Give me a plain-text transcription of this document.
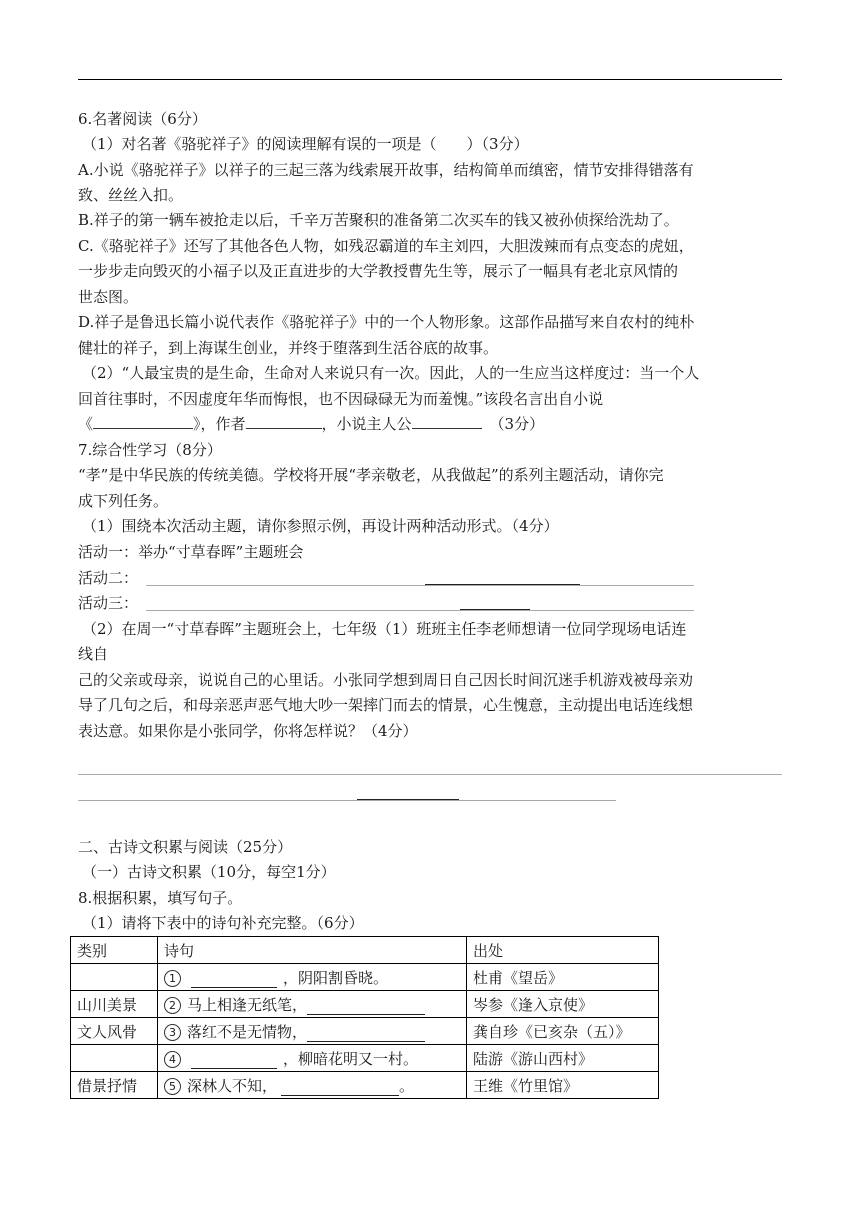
6.名著阅读（6分）
（1）对名著《骆驼祥子》的阅读理解有误的一项是（　　）（3分）
A.小说《骆驼祥子》以祥子的三起三落为线索展开故事，结构简单而缜密，情节安排得错落有
致、丝丝入扣。
B.祥子的第一辆车被抢走以后，千辛万苦聚积的准备第二次买车的钱又被孙侦探给洗劫了。
C.《骆驼祥子》还写了其他各色人物，如残忍霸道的车主刘四，大胆泼辣而有点变态的虎妞，
一步步走向毁灭的小福子以及正直进步的大学教授曹先生等，展示了一幅具有老北京风情的
世态图。
D.祥子是鲁迅长篇小说代表作《骆驼祥子》中的一个人物形象。这部作品描写来自农村的纯朴
健壮的祥子，到上海谋生创业，并终于堕落到生活谷底的故事。
（2）“人最宝贵的是生命，生命对人来说只有一次。因此，人的一生应当这样度过：当一个人
回首往事时，不因虚度年华而悔恨，也不因碌碌无为而羞愧。”该段名言出自小说
《	》，作者	，小说主人公	（3分）
7.综合性学习（8分）
“孝”是中华民族的传统美德。学校将开展“孝亲敬老，从我做起”的系列主题活动，请你完
成下列任务。
（1）围绕本次活动主题，请你参照示例，再设计两种活动形式。（4分）
活动一：举办“寸草春晖”主题班会
活动二：
活动三：
（2）在周一“寸草春晖”主题班会上，七年级（1）班班主任李老师想请一位同学现场电话连
线自
己的父亲或母亲，说说自己的心里话。小张同学想到周日自己因长时间沉迷手机游戏被母亲劝
导了几句之后，和母亲恶声恶气地大吵一架摔门而去的情景，心生愧意，主动提出电话连线想
表达意。如果你是小张同学，你将怎样说？（4分）
二、古诗文积累与阅读（25分）
（一）古诗文积累（10分，每空1分）
8.根据积累，填写句子。
（1）请将下表中的诗句补充完整。（6分）
类别	诗句	出处
	1 ，阴阳割昏晓。	杜甫《望岳》
山川美景	2 马上相逢无纸笔，	岑参《逢入京使》
文人风骨	3 落红不是无情物，	龚自珍《已亥杂（五）》
	4 ，柳暗花明又一村。	陆游《游山西村》
借景抒情	5 深林人不知， 。	王维《竹里馆》
